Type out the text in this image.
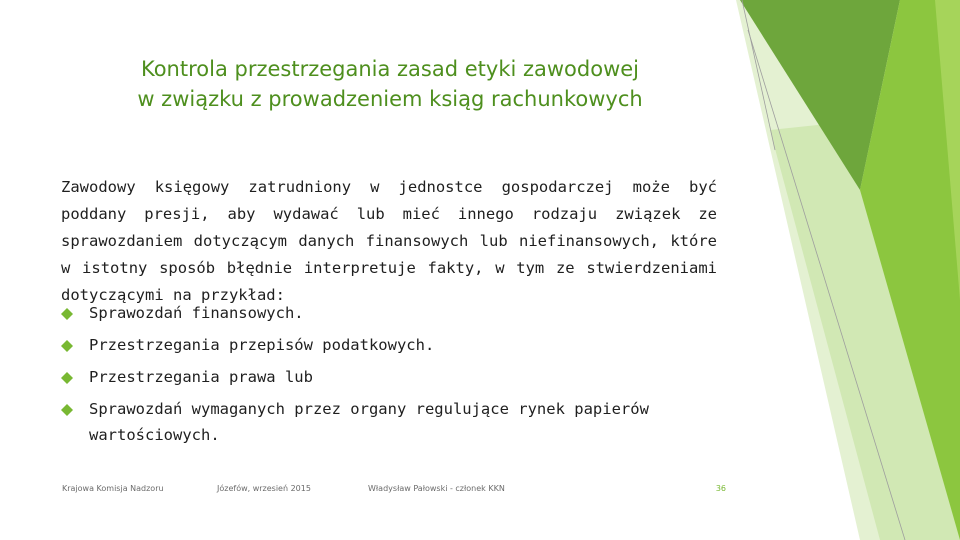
Kontrola przestrzegania zasad etyki zawodowej
w związku z prowadzeniem ksiąg rachunkowych

Zawodowy księgowy zatrudniony w jednostce gospodarczej może być poddany presji, aby wydawać lub mieć innego rodzaju związek ze sprawozdaniem dotyczącym danych finansowych lub niefinansowych, które w istotny sposób błędnie interpretuje fakty, w tym ze stwierdzeniami dotyczącymi na przykład:

Sprawozdań finansowych.
Przestrzegania przepisów podatkowych.
Przestrzegania prawa lub
Sprawozdań wymaganych przez organy regulujące rynek papierów wartościowych.
Krajowa Komisja Nadzoru	Józefów, wrzesień 2015	Władysław Pałowski - członek KKN	36
